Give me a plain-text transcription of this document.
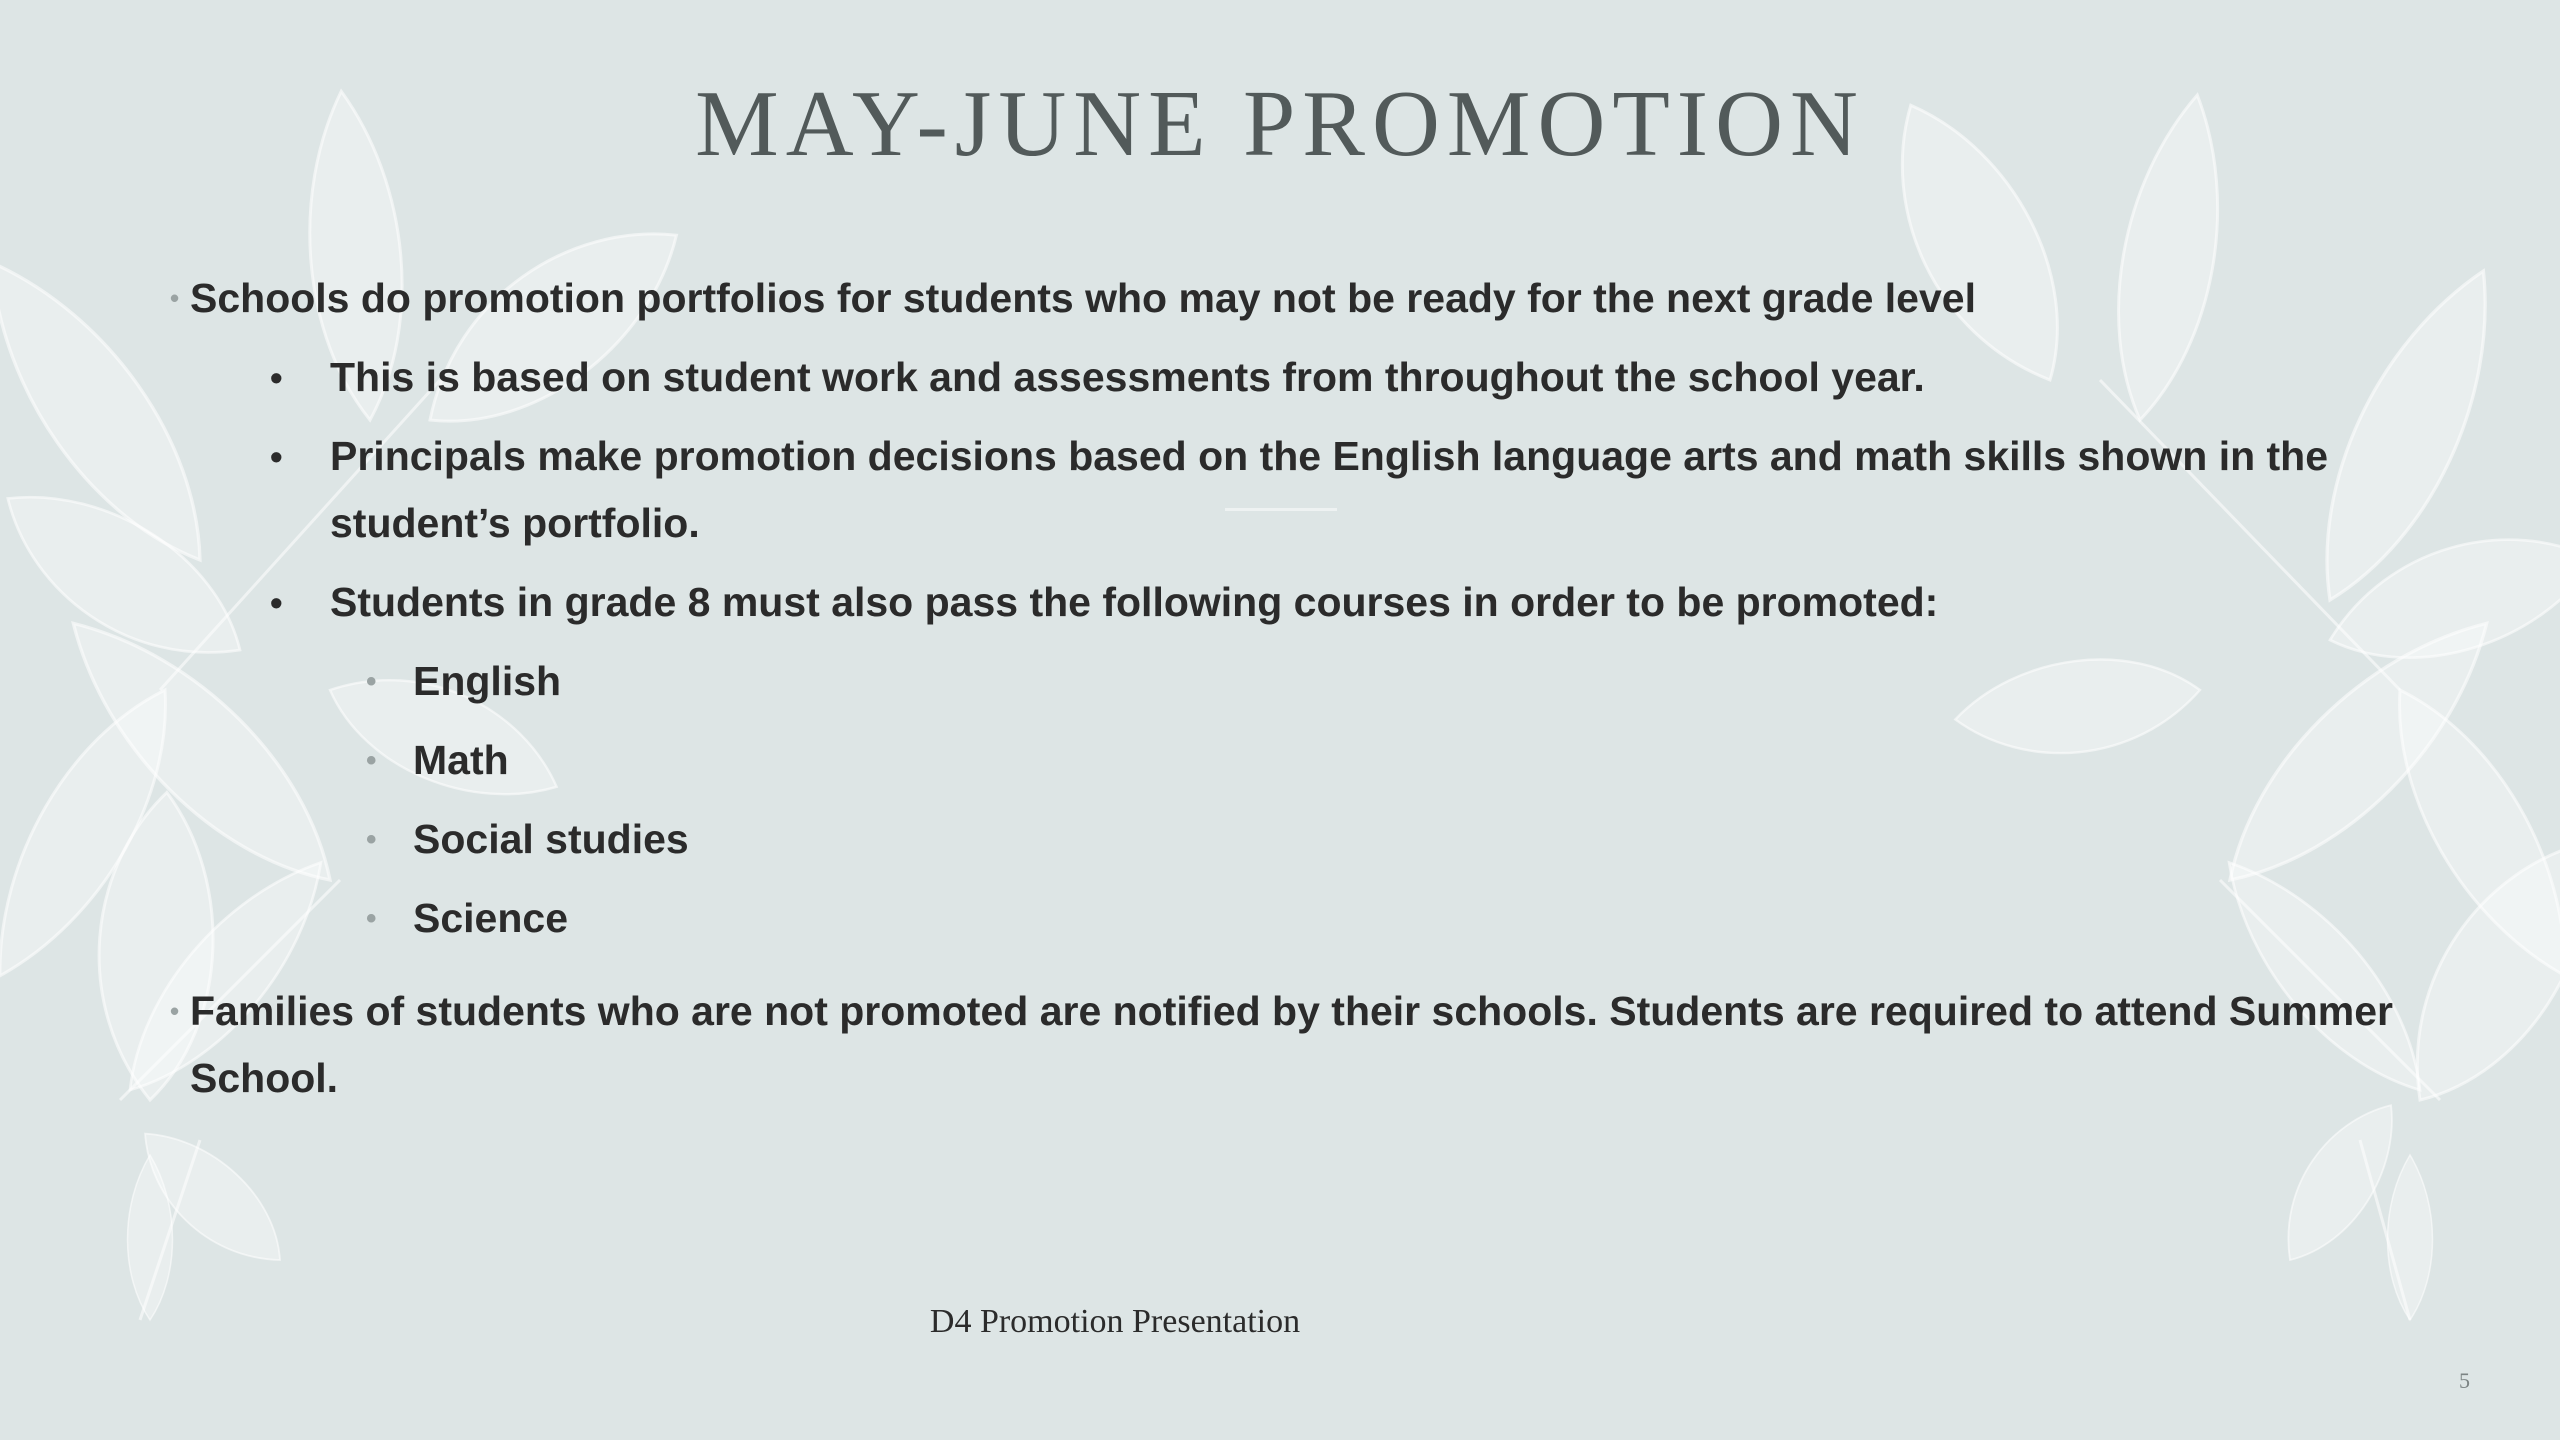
MAY-JUNE PROMOTION
• Schools do promotion portfolios for students who may not be ready for the next grade level
• This is based on student work and assessments from throughout the school year.
• Principals make promotion decisions based on the English language arts and math skills shown in the student’s portfolio.
• Students in grade 8 must also pass the following courses in order to be promoted:
• English
• Math
• Social studies
• Science
• Families of students who are not promoted are notified by their schools. Students are required to attend Summer School.
D4 Promotion Presentation
5
